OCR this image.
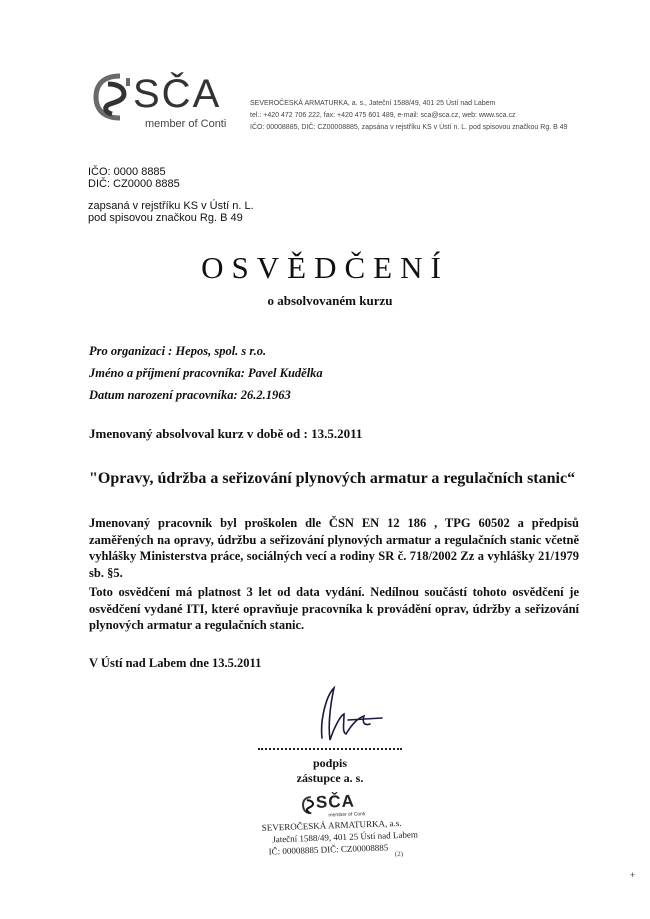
SČA
member of Conti
SEVEROČESKÁ ARMATURKA, a. s., Jateční 1588/49, 401 25 Ústí nad Labem
tel.: +420 472 706 222, fax: +420 475 601 489, e-mail: sca@sca.cz, web: www.sca.cz
IČO: 00008885, DIČ: CZ00008885, zapsána v rejstříku KS v Ústí n. L. pod spisovou značkou Rg. B 49
IČO: 0000 8885
DIČ: CZ0000 8885
zapsaná v rejstříku KS v Ústí n. L.
pod spisovou značkou Rg. B 49
OSVĚDČENÍ
o absolvovaném kurzu
Pro organizaci : Hepos, spol. s r.o.
Jméno a příjmení pracovníka: Pavel Kudělka
Datum narození pracovníka: 26.2.1963
Jmenovaný absolvoval kurz v době od : 13.5.2011
"Opravy, údržba a seřizování plynových armatur a regulačních stanic“
Jmenovaný pracovník byl proškolen dle ČSN EN 12 186 , TPG 60502 a předpisů zaměřených na opravy, údržbu a seřizování plynových armatur a regulačních stanic včetně vyhlášky Ministerstva práce, sociálných vecí a rodiny SR č. 718/2002 Zz a vyhlášky 21/1979 sb. §5.
Toto osvědčení má platnost 3 let od data vydání. Nedílnou součástí tohoto osvědčení je osvědčení vydané ITI, které opravňuje pracovníka k provádění oprav, údržby a seřizování plynových armatur a regulačních stanic.
V Ústí nad Labem dne 13.5.2011
podpis
zástupce a. s.
SČA
member of Conti
SEVEROČESKÁ ARMATURKA, a.s.
Jateční 1588/49, 401 25 Ústí nad Labem
IČ: 00008885 DIČ: CZ00008885 (2)
+
